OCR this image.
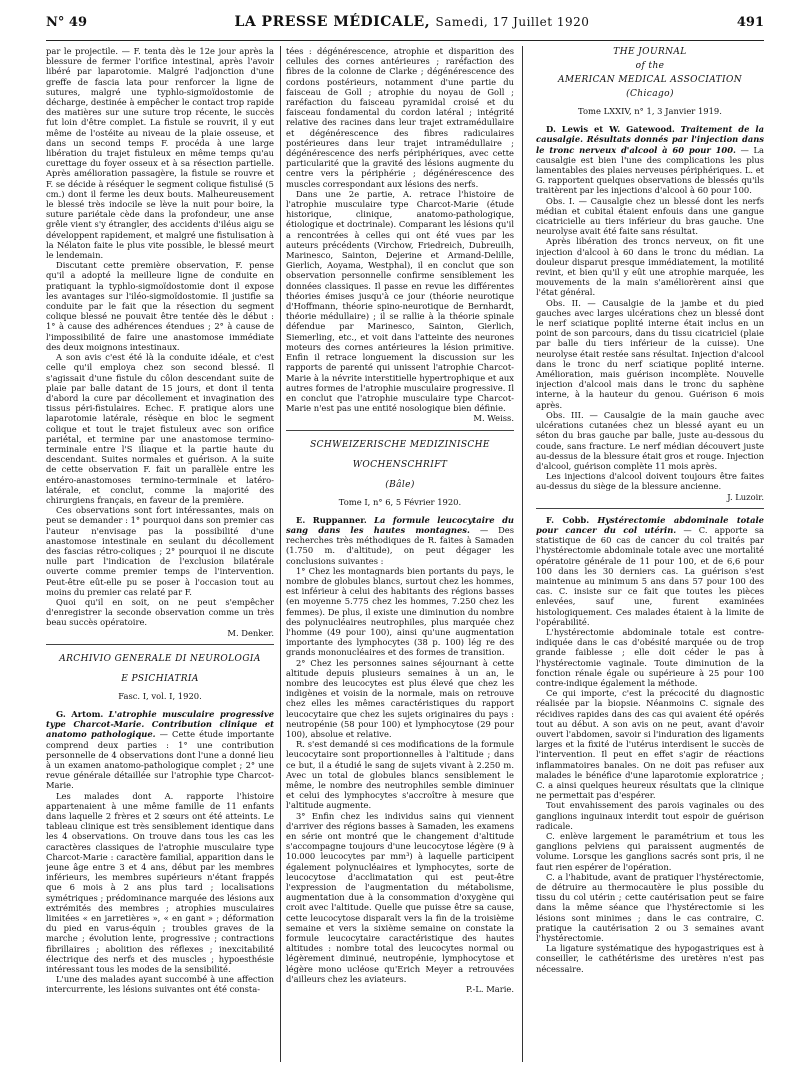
N° 49	LA PRESSE MÉDICALE, Samedi, 17 Juillet 1920	491

par le projectile. — F. tenta dès le 12e jour après la blessure de fermer l'orifice intestinal, après l'avoir libéré par laparotomie. Malgré l'adjonction d'une greffe de fascia lata pour renforcer la ligne de sutures, malgré une typhlo-sigmoïdostomie de décharge, destinée à empêcher le contact trop rapide des matières sur une suture trop récente, le succès fut loin d'être complet. La fistule se rouvrit, il y eut même de l'ostéite au niveau de la plaie osseuse, et dans un second temps F. procéda à une large libération du trajet fistuleux en même temps qu'au curettage du foyer osseux et à sa résection partielle. Après amélioration passagère, la fistule se rouvre et F. se décide à réséquer le segment colique fistulisé (5 cm.) dont il ferme les deux bouts. Malheureusement le blessé très indocile se lève la nuit pour boire, la suture pariétale cède dans la profondeur, une anse grêle vient s'y étrangler, des accidents d'iléus aigu se développent rapidement, et malgré une fistulisation à la Nélaton faite le plus vite possible, le blessé meurt le lendemain.

Discutant cette première observation, F. pense qu'il a adopté la meilleure ligne de conduite en pratiquant la typhlo-sigmoïdostomie dont il expose les avantages sur l'iléo-sigmoïdostomie. Il justifie sa conduite par le fait que la résection du segment colique blessé ne pouvait être tentée dès le début : 1° à cause des adhérences étendues ; 2° à cause de l'impossibilité de faire une anastomose immédiate des deux moignons intestinaux.

A son avis c'est été là la conduite idéale, et c'est celle qu'il employa chez son second blessé. Il s'agissait d'une fistule du côlon descendant suite de plaie par balle datant de 15 jours, et dont il tenta d'abord la cure par décollement et invagination des tissus péri-fistulaires. Echec. F. pratique alors une laparotomie latérale, résèque en bloc le segment colique et tout le trajet fistuleux avec son orifice pariétal, et termine par une anastomose termino-terminale entre l'S iliaque et la partie haute du descendant. Suites normales et guérison. A la suite de cette observation F. fait un parallèle entre les entéro-anastomoses termino-terminale et latéro-latérale, et conclut, comme la majorité des chirurgiens français, en faveur de la première.

Ces observations sont fort intéressantes, mais on peut se demander : 1° pourquoi dans son premier cas l'auteur n'envisage pas la possibilité d'une anastomose intestinale en seulant du décollement des fascias rétro-coliques ; 2° pourquoi il ne discute nulle part l'indication de l'exclusion bilatérale ouverte comme premier temps de l'intervention. Peut-être eût-elle pu se poser à l'occasion tout au moins du premier cas relaté par F.

Quoi qu'il en soit, on ne peut s'empêcher d'enregistrer la seconde observation comme un très beau succès opératoire.

M. Denker.

ARCHIVIO GENERALE DI NEUROLOGIA
E PSICHIATRIA
Fasc. I, vol. I, 1920.

G. Artom. L'atrophie musculaire progressive type Charcot-Marie. Contribution clinique et anatomo pathologique. — Cette étude importante comprend deux parties : 1° une contribution personnelle de 4 observations dont l'une a donné lieu à un examen anatomo-pathologique complet ; 2° une revue générale détaillée sur l'atrophie type Charcot-Marie.

Les malades dont A. rapporte l'histoire appartenaient à une même famille de 11 enfants dans laquelle 2 frères et 2 sœurs ont été atteints. Le tableau clinique est très sensiblement identique dans les 4 observations. On trouve dans tous les cas les caractères classiques de l'atrophie musculaire type Charcot-Marie : caractère familial, apparition dans le jeune âge entre 3 et 4 ans, début par les membres inférieurs, les membres supérieurs n'étant frappés que 6 mois à 2 ans plus tard ; localisations symétriques ; prédominance marquée des lésions aux extrémités des membres ; atrophies musculaires limitées « en jarretières », « en gant » ; déformation du pied en varus-équin ; troubles graves de la marche ; évolution lente, progressive ; contractions fibrillaires ; abolition des réflexes ; inexcitabilité électrique des nerfs et des muscles ; hypoesthésie intéressant tous les modes de la sensibilité.

L'une des malades ayant succombé à une affection intercurrente, les lésions suivantes ont été consta-

tées : dégénérescence, atrophie et disparition des cellules des cornes antérieures ; raréfaction des fibres de la colonne de Clarke ; dégénérescence des cordons postérieurs, notamment d'une partie du faisceau de Goll ; atrophie du noyau de Goll ; raréfaction du faisceau pyramidal croisé et du faisceau fondamental du cordon latéral ; intégrité relative des racines dans leur trajet extramédullaire et dégénérescence des fibres radiculaires postérieures dans leur trajet intramédullaire ; dégénérescence des nerfs périphériques, avec cette particularité que la gravité des lésions augmente du centre vers la périphérie ; dégénérescence des muscles correspondant aux lésions des nerfs.

Dans une 2e partie, A. retrace l'histoire de l'atrophie musculaire type Charcot-Marie (étude historique, clinique, anatomo-pathologique, étiologique et doctrinale). Comparant les lésions qu'il a rencontrées à celles qui ont été vues par les auteurs précédents (Virchow, Friedreich, Dubreuilh, Marinesco, Sainton, Dejerine et Armand-Delille, Gierlich, Aoyama, Westphal), il en conclut que son observation personnelle confirme sensiblement les données classiques. Il passe en revue les différentes théories émises jusqu'à ce jour (théorie neurotique d'Hoffmann, théorie spino-neurotique de Bernhardt, théorie médullaire) ; il se rallie à la théorie spinale défendue par Marinesco, Sainton, Gierlich, Siemerling, etc., et voit dans l'atteinte des neurones moteurs des cornes antérieures la lésion primitive. Enfin il retrace longuement la discussion sur les rapports de parenté qui unissent l'atrophie Charcot-Marie à la névrite interstitielle hypertrophique et aux autres formes de l'atrophie musculaire progressive. Il en conclut que l'atrophie musculaire type Charcot-Marie n'est pas une entité nosologique bien définie.

M. Weiss.

SCHWEIZERISCHE MEDIZINISCHE
WOCHENSCHRIFT
(Bâle)
Tome I, n° 6, 5 Février 1920.

E. Ruppanner. La formule leucocytaire du sang dans les hautes montagnes. — Des recherches très méthodiques de R. faites à Samaden (1.750 m. d'altitude), on peut dégager les conclusions suivantes :

1° Chez les montagnards bien portants du pays, le nombre de globules blancs, surtout chez les hommes, est inférieur à celui des habitants des régions basses (en moyenne 5.775 chez les hommes, 7.250 chez les femmes). De plus, il existe une diminution du nombre des polynucléaires neutrophiles, plus marquée chez l'homme (49 pour 100), ainsi qu'une augmentation importante des lymphocytes (38 p. 100) lég re des grands mononucléaires et des formes de transition.

2° Chez les personnes saines séjournant à cette altitude depuis plusieurs semaines à un an, le nombre des leucocytes est plus élevé que chez les indigènes et voisin de la normale, mais on retrouve chez elles les mêmes caractéristiques du rapport leucocytaire que chez les sujets originaires du pays : neutropénie (58 pour 100) et lymphocytose (29 pour 100), absolue et relative.

R. s'est demandé si ces modifications de la formule leucocytaire sont proportionnelles à l'altitude ; dans ce but, il a étudié le sang de sujets vivant à 2.250 m. Avec un total de globules blancs sensiblement le même, le nombre des neutrophiles semble diminuer et celui des lymphocytes s'accroître à mesure que l'altitude augmente.

3° Enfin chez les individus sains qui viennent d'arriver des régions basses à Samaden, les examens en série ont montré que le changement d'altitude s'accompagne toujours d'une leucocytose légère (9 à 10.000 leucocytes par mm³) à laquelle participent également polynucléaires et lymphocytes, sorte de leucocytose d'acclimatation qui est peut-être l'expression de l'augmentation du métabolisme, augmentation due à la consommation d'oxygène qui croit avec l'altitude. Quelle que puisse être sa cause, cette leucocytose disparaît vers la fin de la troisième semaine et vers la sixième semaine on constate la formule leucocytaire caractéristique des hautes altitudes : nombre total des leucocytes normal ou légèrement diminué, neutropénie, lymphocytose et légère mono ucléose qu'Erich Meyer a retrouvées d'ailleurs chez les aviateurs.

P.-L. Marie.

THE JOURNAL
of the
AMERICAN MEDICAL ASSOCIATION
(Chicago)
Tome LXXIV, n° 1, 3 Janvier 1919.

D. Lewis et W. Gatewood. Traitement de la causalgie. Résultats donnés par l'injection dans le tronc nerveux d'alcool à 60 pour 100. — La causalgie est bien l'une des complications les plus lamentables des plaies nerveuses périphériques. L. et G. rapportent quelques observations de blessés qu'ils traitèrent par les injections d'alcool à 60 pour 100.

Obs. I. — Causalgie chez un blessé dont les nerfs médian et cubital étaient enfouis dans une gangue cicatricielle au tiers inférieur du bras gauche. Une neurolyse avait été faite sans résultat.

Après libération des troncs nerveux, on fit une injection d'alcool à 60 dans le tronc du médian. La douleur disparut presque immédiatement, la motilité revint, et bien qu'il y eût une atrophie marquée, les mouvements de la main s'améliorèrent ainsi que l'état général.

Obs. II. — Causalgie de la jambe et du pied gauches avec larges ulcérations chez un blessé dont le nerf sciatique poplité interne était inclus en un point de son parcours, dans du tissu cicatriciel (plaie par balle du tiers inférieur de la cuisse). Une neurolyse était restée sans résultat. Injection d'alcool dans le tronc du nerf sciatique poplité interne. Amélioration, mais guérison incomplète. Nouvelle injection d'alcool mais dans le tronc du saphène interne, à la hauteur du genou. Guérison 6 mois après.

Obs. III. — Causalgie de la main gauche avec ulcérations cutanées chez un blessé ayant eu un séton du bras gauche par balle, juste au-dessous du coude, sans fracture. Le nerf médian découvert juste au-dessus de la blessure était gros et rouge. Injection d'alcool, guérison complète 11 mois après.

Les injections d'alcool doivent toujours être faites au-dessus du siège de la blessure ancienne.

J. Luzoir.

F. Cobb. Hystérectomie abdominale totale pour cancer du col utérin. — C. apporte sa statistique de 60 cas de cancer du col traités par l'hystérectomie abdominale totale avec une mortalité opératoire générale de 11 pour 100, et de 6,6 pour 100 dans les 30 derniers cas. La guérison s'est maintenue au minimum 5 ans dans 57 pour 100 des cas. C. insiste sur ce fait que toutes les pièces enlevées, sauf une, furent examinées histologiquement. Ces malades étaient à la limite de l'opérabilité.

L'hystérectomie abdominale totale est contre-indiquée dans le cas d'obésité marquée ou de trop grande faiblesse ; elle doit céder le pas à l'hystérectomie vaginale. Toute diminution de la fonction rénale égale ou supérieure à 25 pour 100 contre-indique également la méthode.

Ce qui importe, c'est la précocité du diagnostic réalisée par la biopsie. Néanmoins C. signale des récidives rapides dans des cas qui avaient été opérés tout au début. A son avis on ne peut, avant d'avoir ouvert l'abdomen, savoir si l'induration des ligaments larges et la fixité de l'utérus interdisent le succès de l'intervention. Il peut en effet s'agir de réactions inflammatoires banales. On ne doit pas refuser aux malades le bénéfice d'une laparotomie exploratrice ; C. a ainsi quelques heureux résultats que la clinique ne permettait pas d'espérer.

Tout envahissement des parois vaginales ou des ganglions inguinaux interdit tout espoir de guérison radicale.

C. enlève largement le paramétrium et tous les ganglions pelviens qui paraissent augmentés de volume. Lorsque les ganglions sacrés sont pris, il ne faut rien espérer de l'opération.

C. a l'habitude, avant de pratiquer l'hystérectomie, de détruire au thermocautère le plus possible du tissu du col utérin ; cette cautérisation peut se faire dans la même séance que l'hystérectomie si les lésions sont minimes ; dans le cas contraire, C. pratique la cautérisation 2 ou 3 semaines avant l'hystérectomie.

La ligature systématique des hypogastriques est à conseiller, le cathétérisme des uretères n'est pas nécessaire.
